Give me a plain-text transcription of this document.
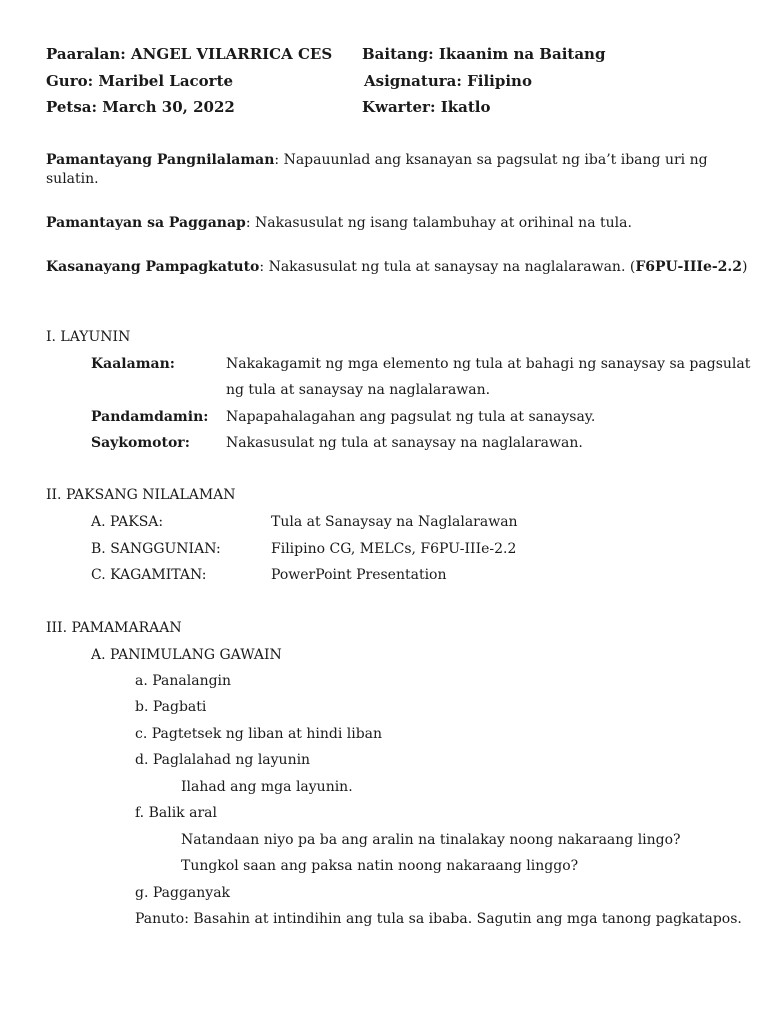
Paaralan: ANGEL VILARRICA CES Baitang: Ikaanim na Baitang
Guro: Maribel Lacorte	Asignatura: Filipino
Petsa: March 30, 2022	Kwarter: Ikatlo
Pamantayang Pangnilalaman: Napauunlad ang ksanayan sa pagsulat ng iba’t ibang uri ng sulatin.
Pamantayan sa Pagganap: Nakasusulat ng isang talambuhay at orihinal na tula.
Kasanayang Pampagkatuto: Nakasusulat ng tula at sanaysay na naglalarawan. (F6PU-IIIe-2.2)
I. LAYUNIN
Kaalaman:	Nakakagamit ng mga elemento ng tula at bahagi ng sanaysay sa pagsulat
ng tula at sanaysay na naglalarawan.
Pandamdamin: Napapahalagahan ang pagsulat ng tula at sanaysay.
Saykomotor:	Nakasusulat ng tula at sanaysay na naglalarawan.
II. PAKSANG NILALAMAN
A. PAKSA:	Tula at Sanaysay na Naglalarawan
B. SANGGUNIAN:	Filipino CG, MELCs, F6PU-IIIe-2.2
C. KAGAMITAN:	PowerPoint Presentation
III. PAMAMARAAN
A. PANIMULANG GAWAIN
a. Panalangin
b. Pagbati
c. Pagtetsek ng liban at hindi liban
d. Paglalahad ng layunin
Ilahad ang mga layunin.
f. Balik aral
Natandaan niyo pa ba ang aralin na tinalakay noong nakaraang lingo?
Tungkol saan ang paksa natin noong nakaraang linggo?
g. Pagganyak
Panuto: Basahin at intindihin ang tula sa ibaba. Sagutin ang mga tanong pagkatapos.
